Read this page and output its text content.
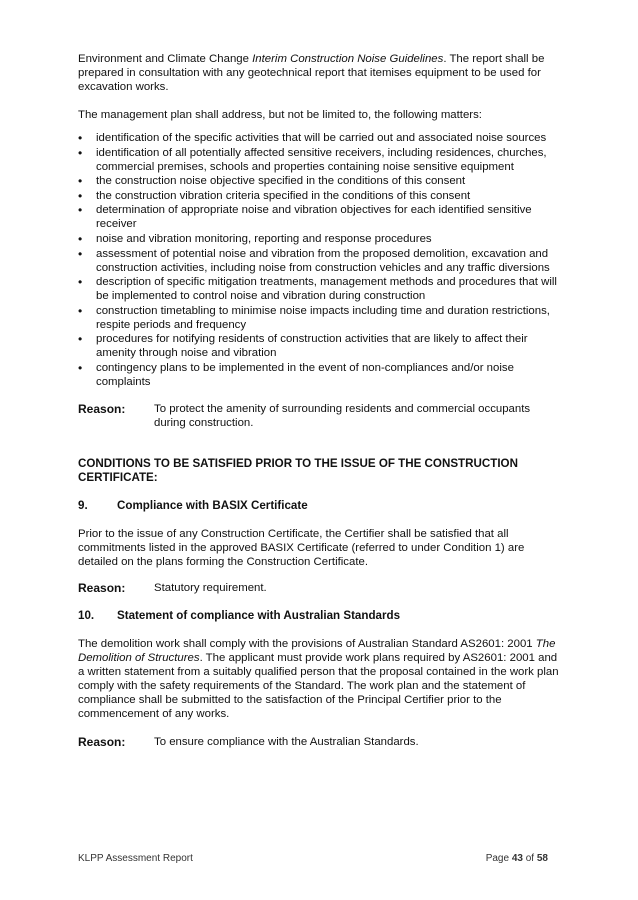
Environment and Climate Change Interim Construction Noise Guidelines. The report shall be prepared in consultation with any geotechnical report that itemises equipment to be used for excavation works.

The management plan shall address, but not be limited to, the following matters:

• identification of the specific activities that will be carried out and associated noise sources
• identification of all potentially affected sensitive receivers, including residences, churches, commercial premises, schools and properties containing noise sensitive equipment
• the construction noise objective specified in the conditions of this consent
• the construction vibration criteria specified in the conditions of this consent
• determination of appropriate noise and vibration objectives for each identified sensitive receiver
• noise and vibration monitoring, reporting and response procedures
• assessment of potential noise and vibration from the proposed demolition, excavation and construction activities, including noise from construction vehicles and any traffic diversions
• description of specific mitigation treatments, management methods and procedures that will be implemented to control noise and vibration during construction
• construction timetabling to minimise noise impacts including time and duration restrictions, respite periods and frequency
• procedures for notifying residents of construction activities that are likely to affect their amenity through noise and vibration
• contingency plans to be implemented in the event of non-compliances and/or noise complaints
Reason:	To protect the amenity of surrounding residents and commercial occupants during construction.
CONDITIONS TO BE SATISFIED PRIOR TO THE ISSUE OF THE CONSTRUCTION CERTIFICATE:
9.	Compliance with BASIX Certificate

Prior to the issue of any Construction Certificate, the Certifier shall be satisfied that all commitments listed in the approved BASIX Certificate (referred to under Condition 1) are detailed on the plans forming the Construction Certificate.

Reason:	Statutory requirement.
10.	Statement of compliance with Australian Standards

The demolition work shall comply with the provisions of Australian Standard AS2601: 2001 The Demolition of Structures. The applicant must provide work plans required by AS2601: 2001 and a written statement from a suitably qualified person that the proposal contained in the work plan comply with the safety requirements of the Standard. The work plan and the statement of compliance shall be submitted to the satisfaction of the Principal Certifier prior to the commencement of any works.

Reason:	To ensure compliance with the Australian Standards.
KLPP Assessment Report	Page 43 of 58
